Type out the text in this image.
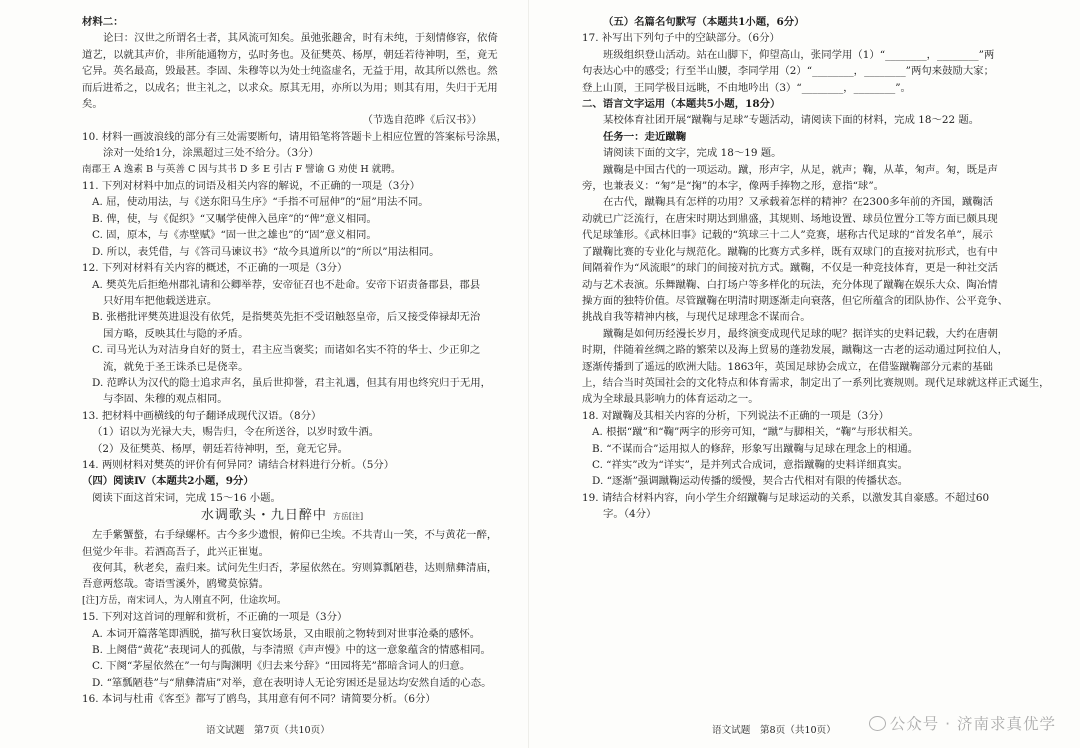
材料二：
论曰：汉世之所谓名士者，其风流可知矣。虽弛张趣舍，时有未纯，于刻情修容，依倚
道艺，以就其声价，非所能通物方，弘时务也。及征樊英、杨厚，朝廷若待神明，至，竟无
它异。英名最高，毁最甚。李固、朱穆等以为处士纯盗虚名，无益于用，故其所以然也。然
而后进希之，以成名；世主礼之，以求众。原其无用，亦所以为用；则其有用，失归于无用
矣。
（节选自范晔《后汉书》）
10. 材料一画波浪线的部分有三处需要断句，请用铅笔将答题卡上相应位置的答案标号涂黑，
涂对一处给1分，涂黑超过三处不给分。（3分）
南郡王 A 逸素 B 与英善 C 因与其书 D 多 E 引古 F 譬谕 G 劝使 H 就聘。
11. 下列对材料中加点的词语及相关内容的解说，不正确的一项是（3分）
A. 屈，使动用法，与《送东阳马生序》“手指不可屈伸”的“屈”用法不同。
B. 俾，使，与《促织》“又嘱学使俾入邑庠”的“俾”意义相同。
C. 固，原本，与《赤壁赋》“固一世之雄也”的“固”意义相同。
D. 所以，表凭借，与《答司马谏议书》“故今具道所以”的“所以”用法相同。
12. 下列对材料有关内容的概述，不正确的一项是（3分）
A. 樊英先后拒绝州郡礼请和公卿举荐，安帝征召也不赴命。安帝下诏责备郡县，郡县
只好用车把他载送进京。
B. 张楷批评樊英进退没有依凭，是指樊英先拒不受诏触怒皇帝，后又接受俸禄却无治
国方略，反映其仕与隐的矛盾。
C. 司马光认为对洁身自好的贤士，君主应当褒奖；而诸如名实不符的华士、少正卯之
流，就免于圣王诛杀已是侥幸。
D. 范晔认为汉代的隐士追求声名，虽后世抑誉，君主礼遇，但其有用也终究归于无用，
与李固、朱穆的观点相同。
13. 把材料中画横线的句子翻译成现代汉语。（8分）
（1）诏以为光禄大夫，赐告归，令在所送谷，以岁时致牛酒。
（2）及征樊英、杨厚，朝廷若待神明，至，竟无它异。
14. 两则材料对樊英的评价有何异同？请结合材料进行分析。（5分）
（四）阅读Ⅳ（本题共2小题，9分）
阅读下面这首宋词，完成 15～16 小题。
水调歌头・九日醉中 方岳[注]
左手紫蟹螯，右手绿螺杯。古今多少遗恨，俯仰已尘埃。不共青山一笑，不与黄花一醉，
但觉少年非。若酒高吾子，此兴正崔嵬。
夜何其，秋老矣，盍归来。试问先生归否，茅屋依然在。穷则算瓢陋巷，达则鼎彝清庙，
吾意两悠哉。寄语雪溪外，鸥鹭莫惊猜。
[注]方岳，南宋词人，为人刚直不阿，仕途坎坷。
15. 下列对这首词的理解和赏析，不正确的一项是（3分）
A. 本词开篇落笔即洒脱，描写秋日宴饮场景，又由眼前之物转到对世事沧桑的感怀。
B. 上阕借“黄花”表现词人的孤傲，与李清照《声声慢》中的这一意象蕴含的情感相同。
C. 下阕“茅屋依然在”一句与陶渊明《归去来兮辞》“田园将芜”都暗含词人的归意。
D. “箪瓢陋巷”与“鼎彝清庙”对举，意在表明诗人无论穷困还是显达均安然自适的心态。
16. 本词与杜甫《客至》都写了鸥鸟，其用意有何不同？请简要分析。（6分）
（五）名篇名句默写（本题共1小题，6分）
17. 补写出下列句子中的空缺部分。（6分）
班级组织登山活动。站在山脚下，仰望高山，张同学用（1）“________，________”两
句表达心中的感受；行至半山腰，李同学用（2）“________，________”两句来鼓励大家；
登上山顶，王同学极目远眺，不由地吟出（3）“________，________”。
二、语言文字运用（本题共5小题，18分）
某校体育社团开展“蹴鞠与足球”专题活动，请阅读下面的材料，完成 18～22 题。
任务一：走近蹴鞠
请阅读下面的文字，完成 18～19 题。
蹴鞠是中国古代的一项运动。蹴，形声字，从足，就声；鞠，从革，匊声。匊，既是声
旁，也兼表义：“匊”是“掬”的本字，像两手捧物之形，意指“球”。
在古代，蹴鞠具有怎样的功用？又承载着怎样的精神？在2300多年前的齐国，蹴鞠活
动就已广泛流行，在唐宋时期达到鼎盛，其规则、场地设置、球员位置分工等方面已颇具现
代足球雏形。《武林旧事》记载的“筑球三十二人”竞赛，堪称古代足球的“首发名单”，展示
了蹴鞠比赛的专业化与规范化。蹴鞠的比赛方式多样，既有双球门的直接对抗形式，也有中
间隔着作为“风流眼”的球门的间接对抗方式。蹴鞠，不仅是一种竞技体育，更是一种社交活
动与艺术表演。乐舞蹴鞠、白打场户等多样化的玩法，充分体现了蹴鞠在娱乐大众、陶冶情
操方面的独特价值。尽管蹴鞠在明清时期逐渐走向衰落，但它所蕴含的团队协作、公平竞争、
挑战自我等精神内核，与现代足球理念不谋而合。
蹴鞠是如何历经漫长岁月，最终演变成现代足球的呢？据详实的史料记载，大约在唐朝
时期，伴随着丝绸之路的繁荣以及海上贸易的蓬勃发展，蹴鞠这一古老的运动通过阿拉伯人，
逐渐传播到了遥远的欧洲大陆。1863年，英国足球协会成立，在借鉴蹴鞠部分元素的基础
上，结合当时英国社会的文化特点和体育需求，制定出了一系列比赛规则。现代足球就这样正式诞生，
成为全球最具影响力的体育运动之一。
18. 对蹴鞠及其相关内容的分析，下列说法不正确的一项是（3分）
A. 根据“蹴”和“鞠”两字的形旁可知，“蹴”与脚相关，“鞠”与形状相关。
B. “不谋而合”运用拟人的修辞，形象写出蹴鞠与足球在理念上的相通。
C. “祥实”改为“详实”，是并列式合成词，意指蹴鞠的史料详细真实。
D. “逐渐”强调蹴鞠运动传播的缓慢，契合古代相对有限的传播状态。
19. 请结合材料内容，向小学生介绍蹴鞠与足球运动的关系，以激发其自豪感。不超过60
字。（4分）
语文试题　第7页（共10页）	语文试题　第8页（共10页）	公众号 · 济南求真优学
